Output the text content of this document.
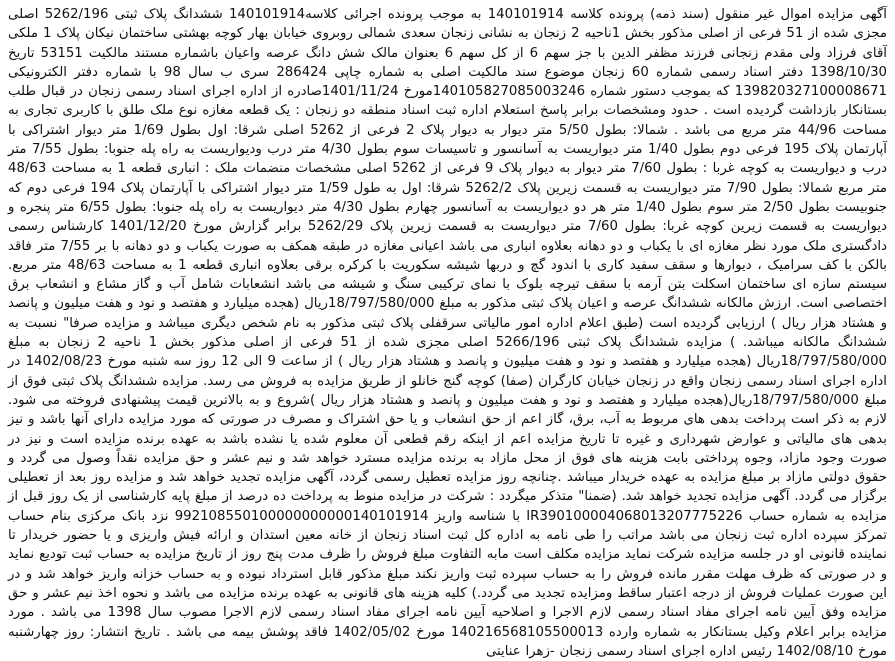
آگهی مزایده اموال غیر منقول (سند ذمه) پرونده کلاسه 140101914 به موجب پرونده اجرائی کلاسه140101914 ششدانگ پلاک ثبتی 5262/196 اصلی مجزی شده از 51 فرعی از اصلی مذکور بخش 1ناحیه 2 زنجان به نشانی زنجان سعدی شمالی روبروی خیابان بهار کوچه بهشتی ساختمان نیکان پلاک 1 ملکی آقای فرزاد ولی مقدم زنجانی فرزند مظفر الدین با جز سهم 6 از کل سهم 6 بعنوان مالک شش دانگ عرصه واعیان باشماره مستند مالکیت 53151 تاریخ 1398/10/30 دفتر اسناد رسمی شماره 60 زنجان موضوع سند مالکیت اصلی به شماره چاپی 286424 سری ب سال 98 با شماره دفتر الکترونیکی 139820327100008671 که بموجب دستور شماره 140105827085003246مورخ 1401/11/24صادره از اداره اجرای اسناد رسمی زنجان در قبال طلب بستانکار بازداشت گردیده است . حدود ومشخصات برابر پاسخ استعلام اداره ثبت اسناد منطقه دو زنجان : یک قطعه مغازه نوع ملک طلق با کاربری تجاری به مساحت 44/96 متر مربع می باشد . شمالا: بطول 5/50 متر دیوار به دیوار پلاک 2 فرعی از 5262 اصلی شرقا: اول بطول 1/69 متر دیوار اشتراکی با آپارتمان پلاک 195 فرعی دوم بطول 1/40 متر دیواریست به آسانسور و تاسیسات سوم بطول 4/30 متر درب ودیواریست به راه پله جنوبا: بطول 7/55 متر درب و دیواریست به کوچه غربا : بطول 7/60 متر دیوار به دیوار پلاک 9 فرعی از 5262 اصلی مشخصات منضمات ملک : انباری قطعه 1 به مساحت 48/63 متر مربع شمالا: بطول 7/90 متر دیواریست به قسمت زیرین پلاک 5262/2 شرقا: اول به طول 1/59 متر دیوار اشتراکی با آپارتمان پلاک 194 فرعی دوم که جنوبیست بطول 2/50 متر سوم بطول 1/40 متر هر دو دیواریست به آسانسور چهارم بطول 4/30 متر دیواریست به راه پله جنوبا: بطول 6/55 متر پنجره و دیواریست به قسمت زیرین کوچه غربا: بطول 7/60 متر دیواریست به قسمت زیرین پلاک 5262/29 برابر گزارش مورخ 1401/12/20 کارشناس رسمی دادگستری ملک مورد نظر مغازه ای با یکباب و دو دهانه بعلاوه انباری می باشد اعیانی مغازه در طبقه همکف به صورت یکباب و دو دهانه با بر 7/55 متر فاقد بالکن با کف سرامیک ، دیوارها و سقف سفید کاری با اندود گچ و دربها شیشه سکوریت با کرکره برقی بعلاوه انباری قطعه 1 به مساحت 48/63 متر مربع. سیستم سازه ای ساختمان اسکلت بتن آرمه با سقف تیرچه بلوک با نمای ترکیبی سنگ و شیشه می باشد انشعابات شامل آب و گاز مشاع و انشعاب برق اختصاصی است. ارزش مالکانه ششدانگ عرصه و اعیان پلاک ثبتی مذکور به مبلغ 18/797/580/000ریال (هجده میلیارد و هفتصد و نود و هفت میلیون و پانصد و هشتاد هزار ریال ) ارزیابی گردیده است (طبق اعلام اداره امور مالیاتی سرقفلی پلاک ثبتی مذکور به نام شخص دیگری میباشد و مزایده صرفا" نسبت به ششدانگ مالکانه میباشد. ) مزایده ششدانگ پلاک ثبتی 5266/196 اصلی مجزی شده از 51 فرعی از اصلی مذکور بخش 1 ناحیه 2 زنجان به مبلغ 18/797/580/000ریال (هجده میلیارد و هفتصد و نود و هفت میلیون و پانصد و هشتاد هزار ریال ) از ساعت 9 الی 12 روز سه شنبه مورخ 1402/08/23 در اداره اجرای اسناد رسمی زنجان واقع در زنجان خیابان کارگران (صفا) کوچه گنج خانلو از طریق مزایده به فروش می رسد. مزایده ششدانگ پلاک ثبتی فوق از مبلغ 18/797/580/000ریال(هجده میلیارد و هفتصد و نود و هفت میلیون و پانصد و هشتاد هزار ریال )شروع و به بالاترین قیمت پیشنهادی فروخته می شود. لازم به ذکر است پرداخت بدهی های مربوط به آب، برق، گاز اعم از حق انشعاب و یا حق اشتراک و مصرف در صورتی که مورد مزایده دارای آنها باشد و نیز بدهی های مالیاتی و عوارض شهرداری و غیره تا تاریخ مزایده اعم از اینکه رقم قطعی آن معلوم شده یا نشده باشد به عهده برنده مزایده است و نیز در صورت وجود مازاد، وجوه پرداختی بابت هزینه های فوق از محل مازاد به برنده مزایده مسترد خواهد شد و نیم عشر و حق مزایده نقداً وصول می گردد و حقوق دولتی مازاد بر مبلغ مزایده به عهده خریدار میباشد .چنانچه روز مزایده تعطیل رسمی گردد، آگهی مزایده تجدید خواهد شد و مزایده روز بعد از تعطیلی برگزار می گردد. آگهی مزایده تجدید خواهد شد. (ضمنا" متذکر میگردد : شرکت در مزایده منوط به پرداخت ده درصد از مبلغ پایه کارشناسی از یک روز قبل از مزایده به شماره حساب IR390100004068013207775226 با شناسه واریز 992108550100000000000140101914 نزد بانک مرکزی بنام حساب تمرکز سپرده اداره ثبت زنجان می باشد مراتب را طی نامه به اداره کل ثبت اسناد زنجان از خانه معین استدان و ارائه فیش واریزی و یا حضور خریدار تا نماینده قانونی او در جلسه مزایده شرکت نماید مزایده مکلف است مابه التفاوت مبلغ فروش را ظرف مدت پنج روز از تاریخ مزایده به حساب ثبت تودیع نماید و در صورتی که ظرف مهلت مقرر مانده فروش را به حساب سپرده ثبت واریز نکند مبلغ مذکور قابل استرداد نبوده و به حساب خزانه واریز خواهد شد و در این صورت عملیات فروش از درجه اعتبار ساقط ومزایده تجدید می گردد.) کلیه هزینه های قانونی به عهده برنده مزایده می باشد و نحوه اخذ نیم عشر و حق مزایده وفق آیین نامه اجرای مفاد اسناد رسمی لازم الاجرا و اصلاحیه آیین نامه اجرای مفاد اسناد رسمی لازم الاجرا مصوب سال 1398 می باشد . مورد مزایده برابر اعلام وکیل بستانکار به شماره وارده 140216568105500013 مورخ 1402/05/02 فاقد پوشش بیمه می باشد . تاریخ انتشار: روز چهارشنبه مورخ 1402/08/10 رئیس اداره اجرای اسناد رسمی زنجان -زهرا عنایتی
